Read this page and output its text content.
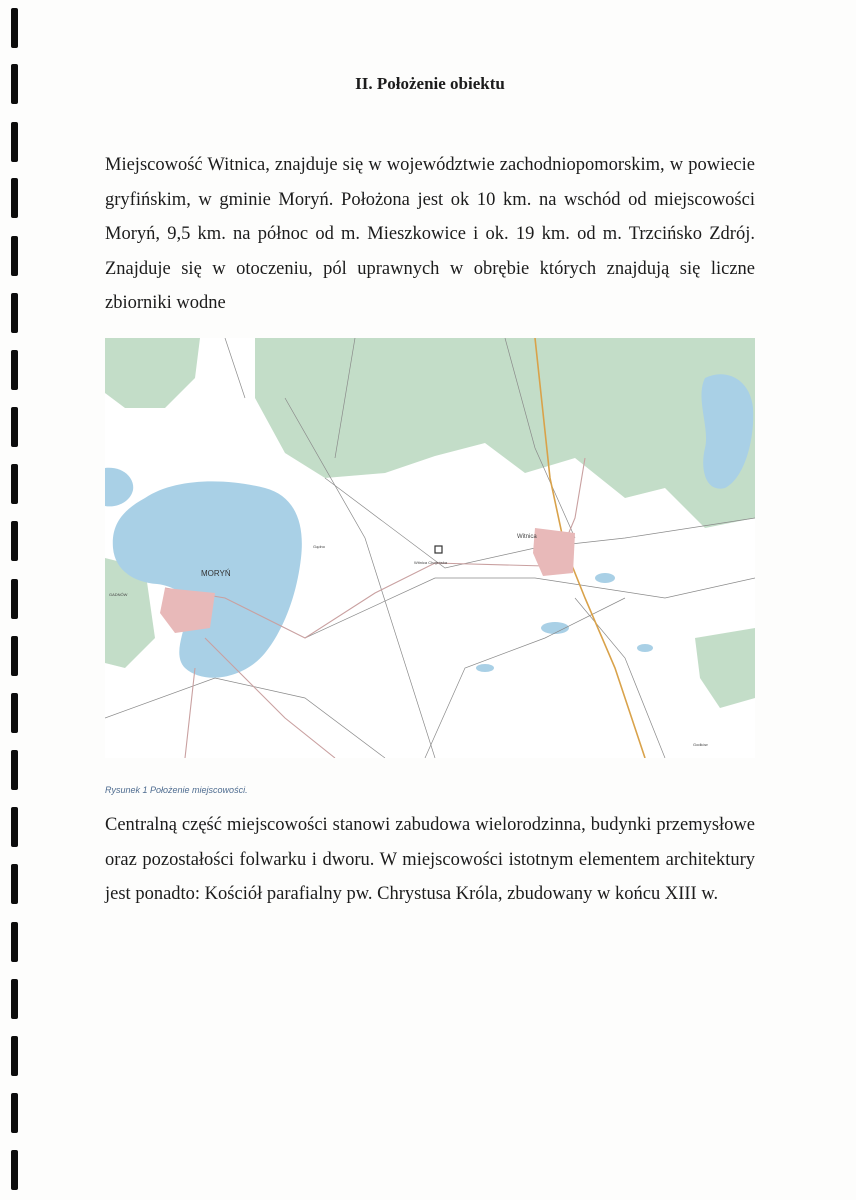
II. Położenie obiektu
Miejscowość Witnica, znajduje się w województwie zachodniopomorskim, w powiecie gryfińskim, w gminie Moryń. Położona jest ok 10 km. na wschód od miejscowości Moryń, 9,5 km. na północ od m. Mieszkowice i ok. 19 km. od m. Trzcińsko Zdrój. Znajduje się w otoczeniu, pól uprawnych w obrębie których znajdują się liczne zbiorniki wodne
MORYŃ
Witnica
Witnica Chojeńska
GADNÓW
Gądno
Godków
Rysunek 1 Położenie miejscowości.
Centralną część miejscowości stanowi zabudowa wielorodzinna, budynki przemysłowe oraz pozostałości folwarku i dworu. W miejscowości istotnym elementem architektury jest ponadto: Kościół parafialny pw. Chrystusa Króla, zbudowany w końcu XIII w.
